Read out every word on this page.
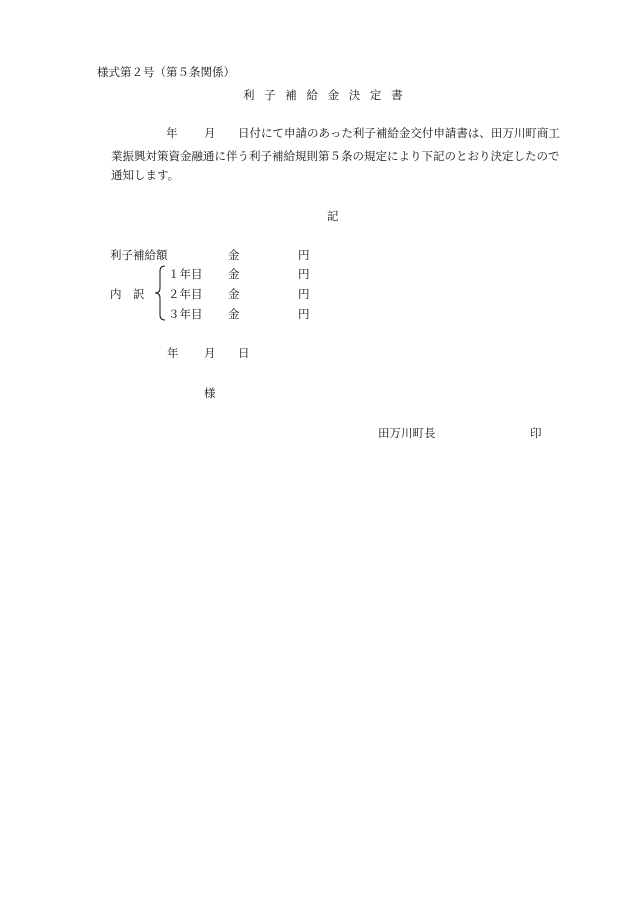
様式第２号（第５条関係）
利 子 補 給 金 決 定 書
年 月 日付にて申請のあった利子補給金交付申請書は、田万川町商工
業振興対策資金融通に伴う利子補給規則第５条の規定により下記のとおり決定したので
通知します。
記
利子補給額	金	円
内　訳
１年目 金	円
２年目 金	円
３年目 金	円
年 月 日
様
田万川町長	印
